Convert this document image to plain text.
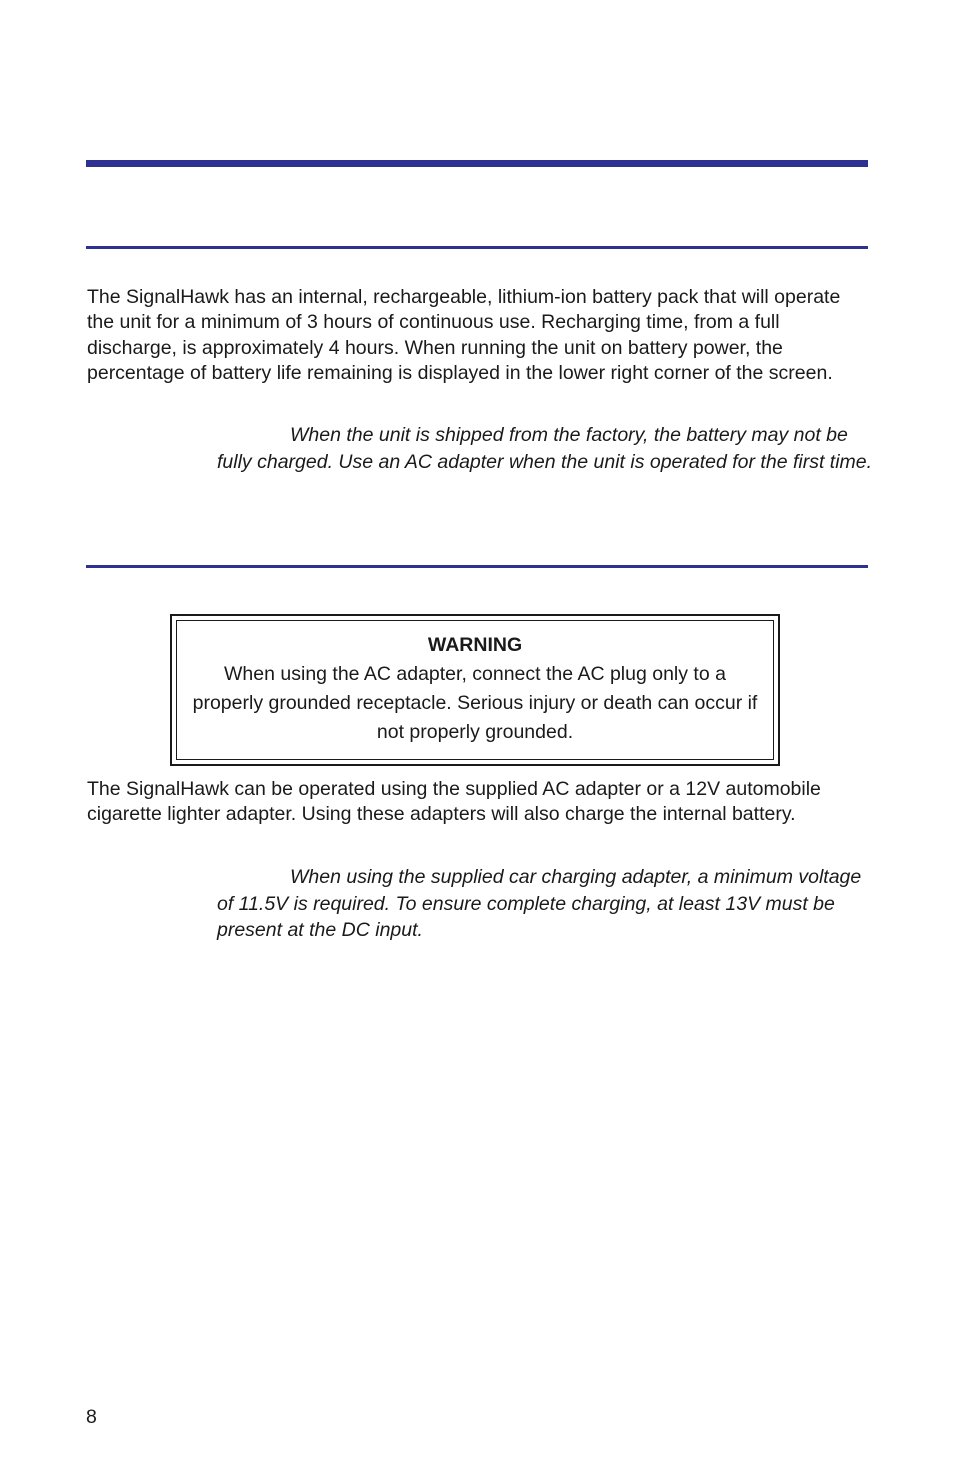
The SignalHawk has an internal, rechargeable, lithium-ion battery pack that will operate the unit for a minimum of 3 hours of continuous use. Recharging time, from a full discharge, is approximately 4 hours. When running the unit on battery power, the percentage of battery life remaining is displayed in the lower right corner of the screen.

When the unit is shipped from the factory, the battery may not be fully charged. Use an AC adapter when the unit is operated for the first time.

WARNING
When using the AC adapter, connect the AC plug only to a properly grounded receptacle. Serious injury or death can occur if not properly grounded.

The SignalHawk can be operated using the supplied AC adapter or a 12V automobile cigarette lighter adapter. Using these adapters will also charge the internal battery.

When using the supplied car charging adapter, a minimum voltage of 11.5V is required. To ensure complete charging, at least 13V must be present at the DC input.

8
